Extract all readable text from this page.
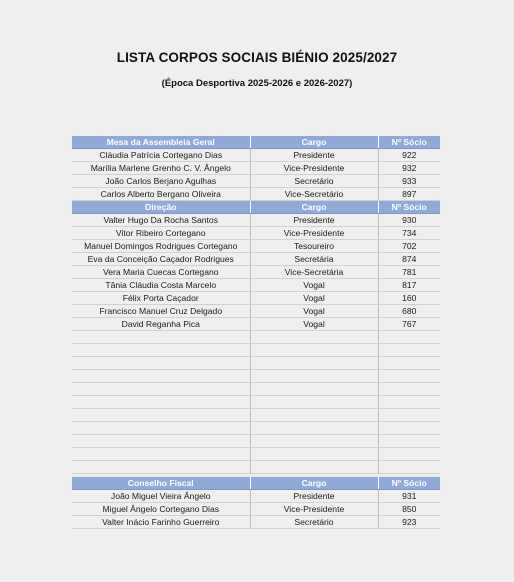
LISTA CORPOS SOCIAIS BIÉNIO 2025/2027
(Época Desportiva 2025-2026 e 2026-2027)
Mesa da Assembleia Geral	Cargo	Nº Sócio
Cláudia Patrícia Cortegano Dias	Presidente	922
Marília Marlene Grenho C. V. Ângelo	Vice-Presidente	932
João Carlos Berjano Agulhas	Secretário	933
Carlos Alberto Bergano Oliveira	Vice-Secretário	897
Direção	Cargo	Nº Sócio
Valter Hugo Da Rocha Santos	Presidente	930
Vitor Ribeiro Cortegano	Vice-Presidente	734
Manuel Domingos Rodrigues Cortegano	Tesoureiro	702
Eva da Conceição Caçador Rodrigues	Secretária	874
Vera Maria Cuecas Cortegano	Vice-Secretária	781
Tânia Cláudia Costa Marcelo	Vogal	817
Félix Porta Caçador	Vogal	160
Francisco Manuel Cruz Delgado	Vogal	680
David Reganha Pica	Vogal	767

Conselho Fiscal	Cargo	Nº Sócio
João Miguel Vieira Ângelo	Presidente	931
Miguel Ângelo Cortegano Dias	Vice-Presidente	850
Valter Inácio Farinho Guerreiro	Secretário	923
